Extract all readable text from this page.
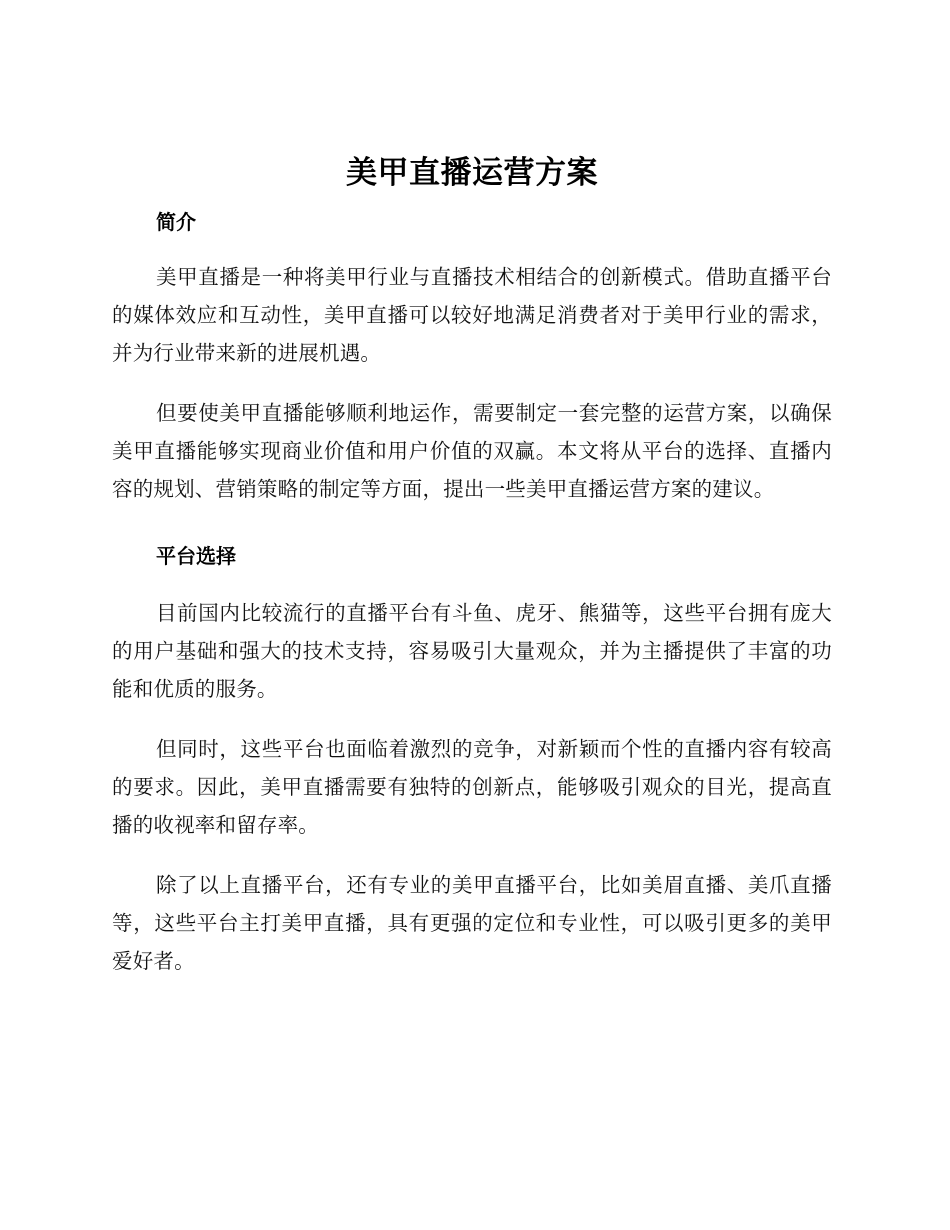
美甲直播运营方案
简介

美甲直播是一种将美甲行业与直播技术相结合的创新模式。借助直播平台的媒体效应和互动性，美甲直播可以较好地满足消费者对于美甲行业的需求，并为行业带来新的进展机遇。

但要使美甲直播能够顺利地运作，需要制定一套完整的运营方案，以确保美甲直播能够实现商业价值和用户价值的双赢。本文将从平台的选择、直播内容的规划、营销策略的制定等方面，提出一些美甲直播运营方案的建议。

平台选择

目前国内比较流行的直播平台有斗鱼、虎牙、熊猫等，这些平台拥有庞大的用户基础和强大的技术支持，容易吸引大量观众，并为主播提供了丰富的功能和优质的服务。

但同时，这些平台也面临着激烈的竞争，对新颖而个性的直播内容有较高的要求。因此，美甲直播需要有独特的创新点，能够吸引观众的目光，提高直播的收视率和留存率。

除了以上直播平台，还有专业的美甲直播平台，比如美眉直播、美爪直播等，这些平台主打美甲直播，具有更强的定位和专业性，可以吸引更多的美甲爱好者。
